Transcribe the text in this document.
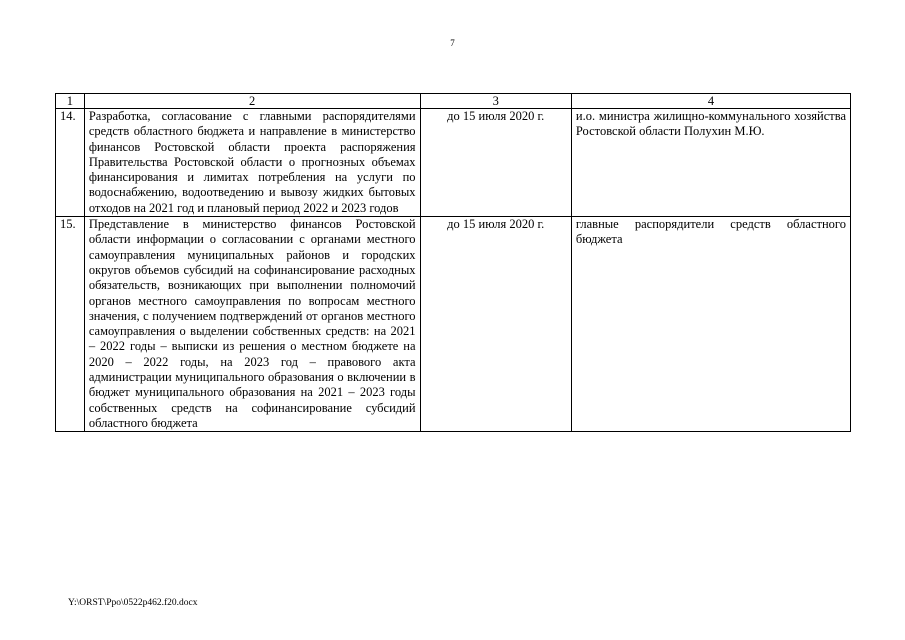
7
1	2	3	4
14.	Разработка, согласование с главными распорядителями средств областного бюджета и направление в министерство финансов Ростовской области проекта распоряжения Правительства Ростовской области о прогнозных объемах финансирования и лимитах потребления на услуги по водоснабжению, водоотведению и вывозу жидких бытовых отходов на 2021 год и плановый период 2022 и 2023 годов	до 15 июля 2020 г.	и.о. министра жилищно-коммунального хозяйства Ростовской области Полухин М.Ю.
15.	Представление в министерство финансов Ростовской области информации о согласовании с органами местного самоуправления муниципальных районов и городских округов объемов субсидий на софинансирование расходных обязательств, возникающих при выполнении полномочий органов местного самоуправления по вопросам местного значения, с получением подтверждений от органов местного самоуправления о выделении собственных средств: на 2021 – 2022 годы – выписки из решения о местном бюджете на 2020 – 2022 годы, на 2023 год – правового акта администрации муниципального образования о включении в бюджет муниципального образования на 2021 – 2023 годы собственных средств на софинансирование субсидий областного бюджета	до 15 июля 2020 г.	главные распорядители средств областного бюджета
Y:\ORST\Ppo\0522p462.f20.docx
